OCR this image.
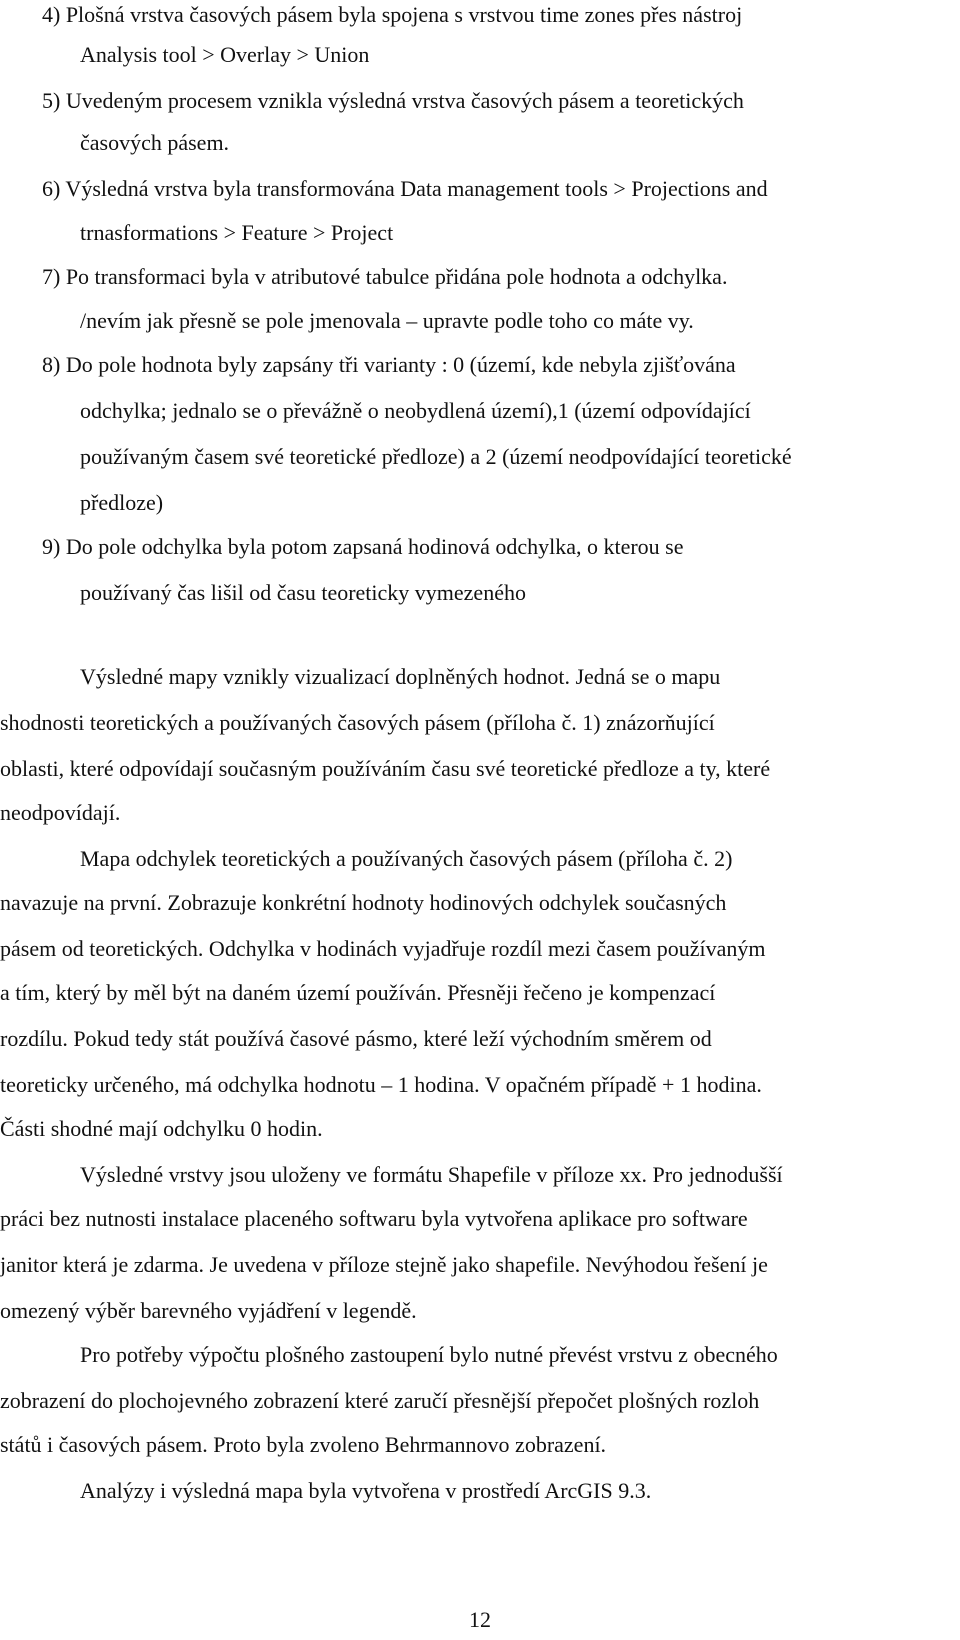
4) Plošná vrstva časových pásem byla spojena s vrstvou time zones přes nástroj
Analysis tool > Overlay > Union
5) Uvedeným procesem vznikla výsledná vrstva časových pásem a teoretických
časových pásem.
6) Výsledná vrstva byla transformována Data management tools > Projections and
trnasformations > Feature > Project
7) Po transformaci byla v atributové tabulce přidána pole hodnota a odchylka.
/nevím jak přesně se pole jmenovala – upravte podle toho co máte vy.
8) Do pole hodnota byly zapsány tři varianty : 0 (území, kde nebyla zjišťována
odchylka; jednalo se o převážně o neobydlená území),1 (území odpovídající
používaným časem své teoretické předloze) a 2 (území neodpovídající teoretické
předloze)
9) Do pole odchylka byla potom zapsaná hodinová odchylka, o kterou se
používaný čas lišil od času teoreticky vymezeného
Výsledné mapy vznikly vizualizací doplněných hodnot. Jedná se o mapu
shodnosti teoretických a používaných časových pásem (příloha č. 1) znázorňující
oblasti, které odpovídají současným používáním času své teoretické předloze a ty, které
neodpovídají.
Mapa odchylek teoretických a používaných časových pásem (příloha č. 2)
navazuje na první. Zobrazuje konkrétní hodnoty hodinových odchylek současných
pásem od teoretických. Odchylka v hodinách vyjadřuje rozdíl mezi časem používaným
a tím, který by měl být na daném území používán. Přesněji řečeno je kompenzací
rozdílu. Pokud tedy stát používá časové pásmo, které leží východním směrem od
teoreticky určeného, má odchylka hodnotu – 1 hodina. V opačném případě + 1 hodina.
Části shodné mají odchylku 0 hodin.
Výsledné vrstvy jsou uloženy ve formátu Shapefile v příloze xx. Pro jednodušší
práci bez nutnosti instalace placeného softwaru byla vytvořena aplikace pro software
janitor která je zdarma. Je uvedena v příloze stejně jako shapefile. Nevýhodou řešení je
omezený výběr barevného vyjádření v legendě.
Pro potřeby výpočtu plošného zastoupení bylo nutné převést vrstvu z obecného
zobrazení do plochojevného zobrazení které zaručí přesnější přepočet plošných rozloh
států i časových pásem. Proto byla zvoleno Behrmannovo zobrazení.
Analýzy i výsledná mapa byla vytvořena v prostředí ArcGIS 9.3.
12
